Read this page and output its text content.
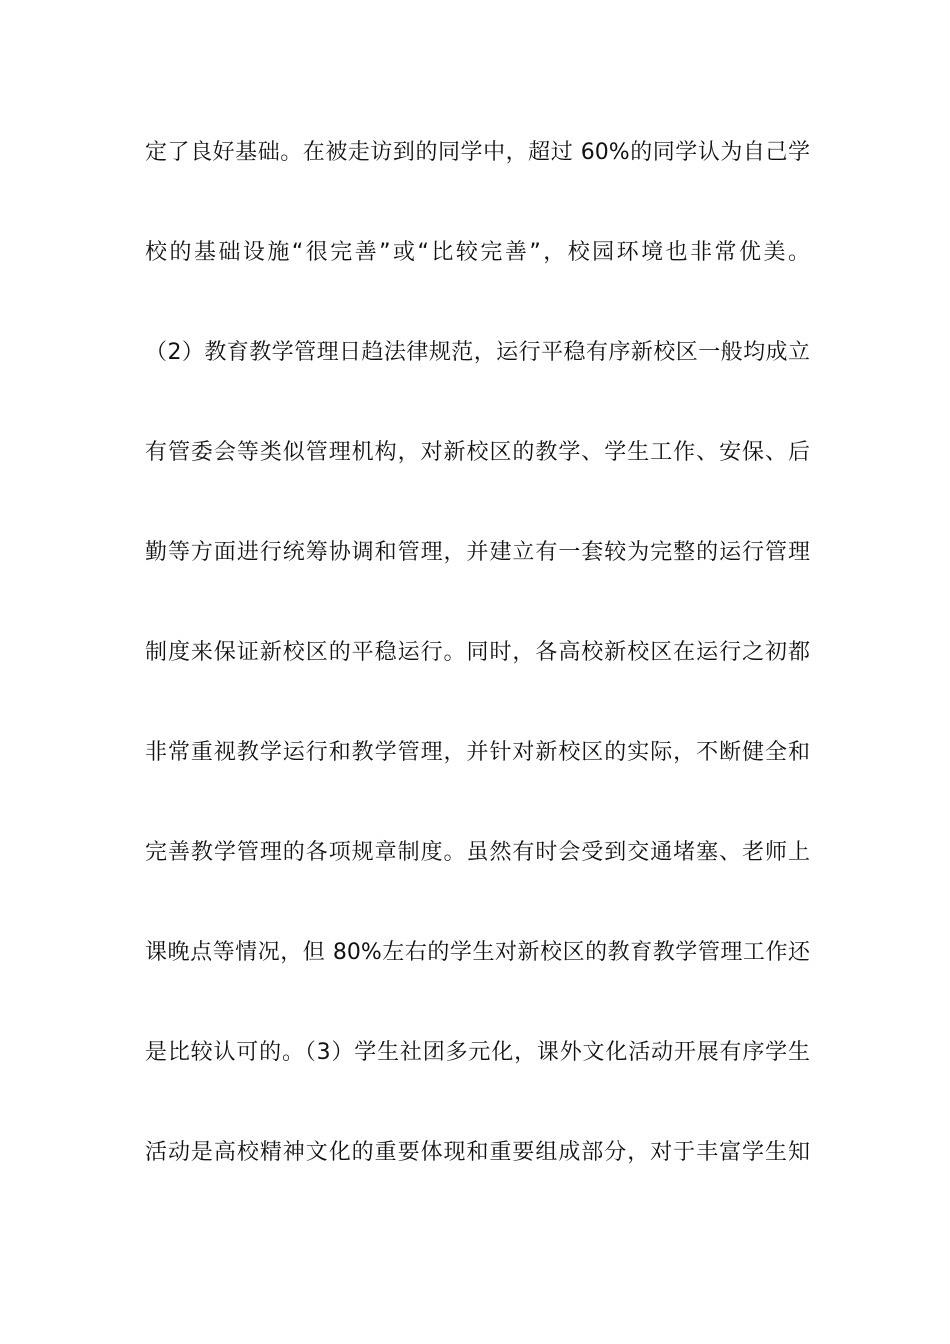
定了良好基础。在被走访到的同学中，超过 60%的同学认为自己学
校的基础设施“很完善”或“比较完善”，校园环境也非常优美。
（2）教育教学管理日趋法律规范，运行平稳有序新校区一般均成立
有管委会等类似管理机构，对新校区的教学、学生工作、安保、后
勤等方面进行统筹协调和管理，并建立有一套较为完整的运行管理
制度来保证新校区的平稳运行。同时，各高校新校区在运行之初都
非常重视教学运行和教学管理，并针对新校区的实际，不断健全和
完善教学管理的各项规章制度。虽然有时会受到交通堵塞、老师上
课晚点等情况，但 80%左右的学生对新校区的教育教学管理工作还
是比较认可的。（3）学生社团多元化，课外文化活动开展有序学生
活动是高校精神文化的重要体现和重要组成部分，对于丰富学生知
